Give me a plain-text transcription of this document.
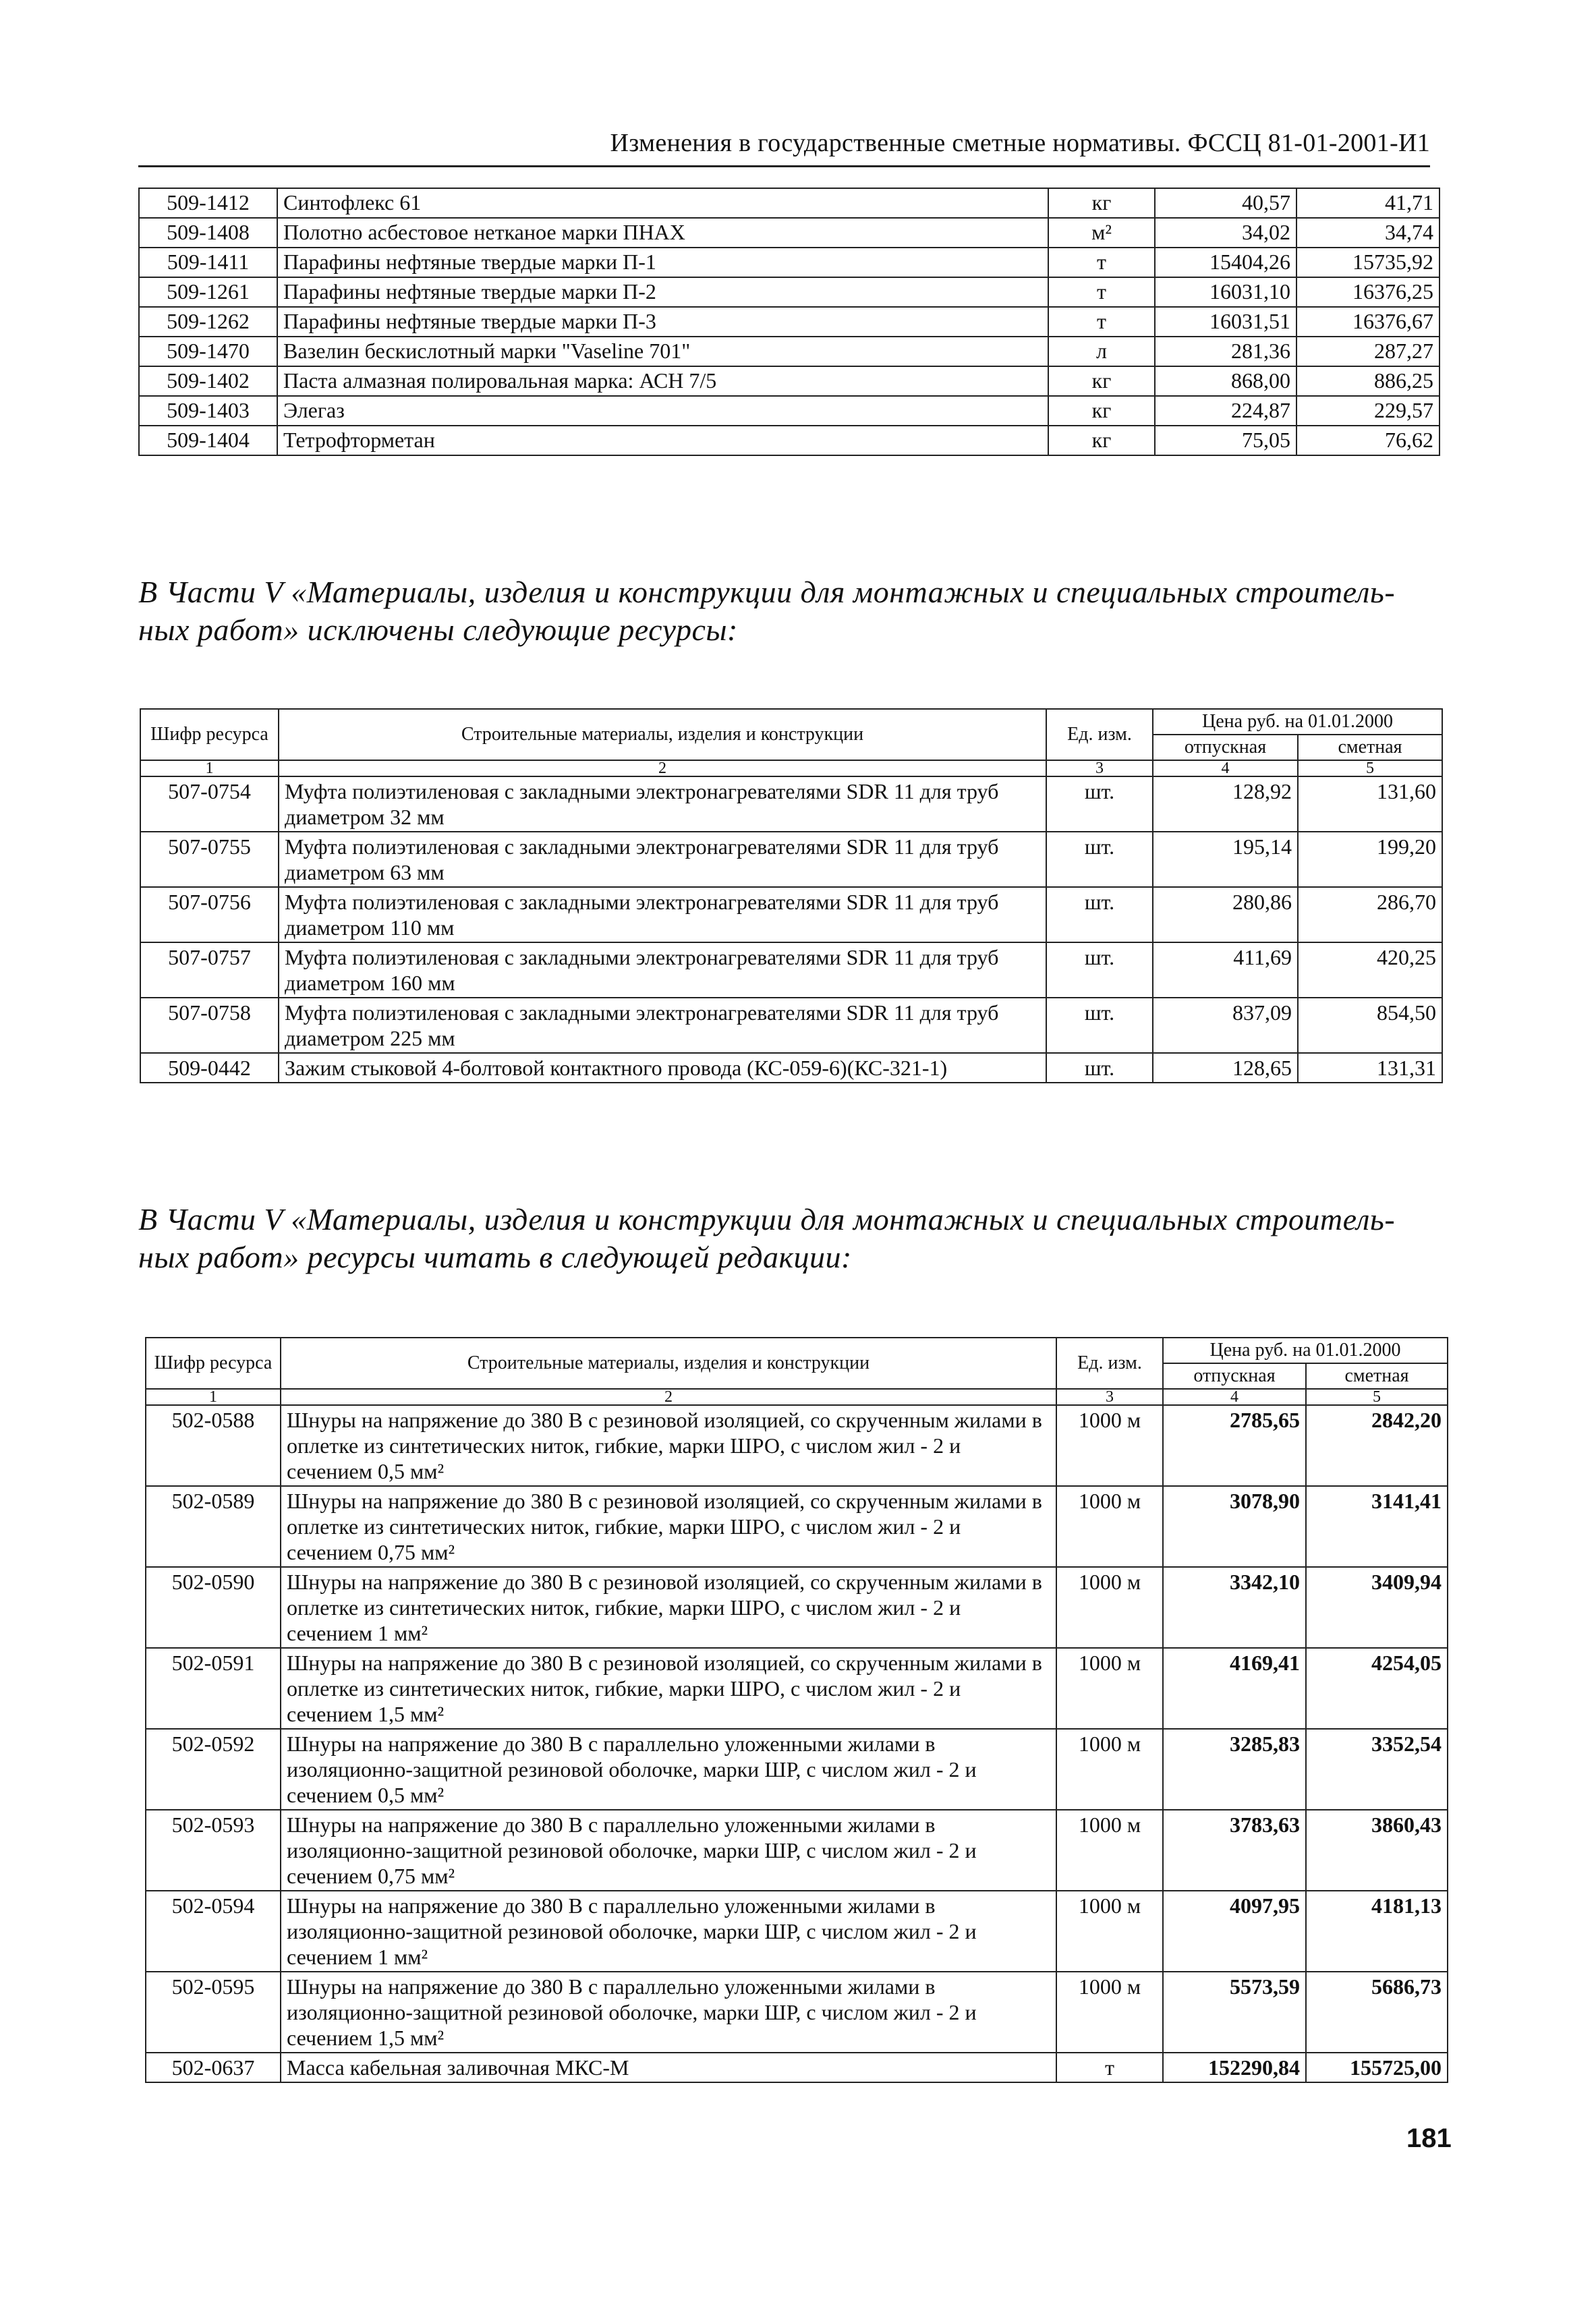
Изменения в государственные сметные нормативы. ФССЦ 81-01-2001-И1
509-1412	Синтофлекс 61	кг	40,57	41,71
509-1408	Полотно асбестовое нетканое марки ПНАХ	м²	34,02	34,74
509-1411	Парафины нефтяные твердые марки П-1	т	15404,26	15735,92
509-1261	Парафины нефтяные твердые марки П-2	т	16031,10	16376,25
509-1262	Парафины нефтяные твердые марки П-3	т	16031,51	16376,67
509-1470	Вазелин бескислотный марки "Vaseline 701"	л	281,36	287,27
509-1402	Паста алмазная полировальная марка: АСН 7/5	кг	868,00	886,25
509-1403	Элегаз	кг	224,87	229,57
509-1404	Тетрофторметан	кг	75,05	76,62
В Части V «Материалы, изделия и конструкции для монтажных и специальных строитель-ных работ» исключены следующие ресурсы:
Шифр ресурса	Строительные материалы, изделия и конструкции	Ед. изм.	Цена руб. на 01.01.2000	
			отпускная	сметная
1	2	3	4	5
507-0754	Муфта полиэтиленовая с закладными электронагревателями SDR 11 для труб диаметром 32 мм	шт.	128,92	131,60
507-0755	Муфта полиэтиленовая с закладными электронагревателями SDR 11 для труб диаметром 63 мм	шт.	195,14	199,20
507-0756	Муфта полиэтиленовая с закладными электронагревателями SDR 11 для труб диаметром 110 мм	шт.	280,86	286,70
507-0757	Муфта полиэтиленовая с закладными электронагревателями SDR 11 для труб диаметром 160 мм	шт.	411,69	420,25
507-0758	Муфта полиэтиленовая с закладными электронагревателями SDR 11 для труб диаметром 225 мм	шт.	837,09	854,50
509-0442	Зажим стыковой 4-болтовой контактного провода (КС-059-6)(КС-321-1)	шт.	128,65	131,31
В Части V «Материалы, изделия и конструкции для монтажных и специальных строитель-ных работ» ресурсы читать в следующей редакции:
Шифр ресурса	Строительные материалы, изделия и конструкции	Ед. изм.	Цена руб. на 01.01.2000	
			отпускная	сметная
1	2	3	4	5
502-0588	Шнуры на напряжение до 380 В с резиновой изоляцией, со скрученным жилами в оплетке из синтетических ниток, гибкие, марки ШРО, с числом жил - 2 и сечением 0,5 мм²	1000 м	2785,65	2842,20
502-0589	Шнуры на напряжение до 380 В с резиновой изоляцией, со скрученным жилами в оплетке из синтетических ниток, гибкие, марки ШРО, с числом жил - 2 и сечением 0,75 мм²	1000 м	3078,90	3141,41
502-0590	Шнуры на напряжение до 380 В с резиновой изоляцией, со скрученным жилами в оплетке из синтетических ниток, гибкие, марки ШРО, с числом жил - 2 и сечением 1 мм²	1000 м	3342,10	3409,94
502-0591	Шнуры на напряжение до 380 В с резиновой изоляцией, со скрученным жилами в оплетке из синтетических ниток, гибкие, марки ШРО, с числом жил - 2 и сечением 1,5 мм²	1000 м	4169,41	4254,05
502-0592	Шнуры на напряжение до 380 В с параллельно уложенными жилами в изоляционно-защитной резиновой оболочке, марки ШР, с числом жил - 2 и сечением 0,5 мм²	1000 м	3285,83	3352,54
502-0593	Шнуры на напряжение до 380 В с параллельно уложенными жилами в изоляционно-защитной резиновой оболочке, марки ШР, с числом жил - 2 и сечением 0,75 мм²	1000 м	3783,63	3860,43
502-0594	Шнуры на напряжение до 380 В с параллельно уложенными жилами в изоляционно-защитной резиновой оболочке, марки ШР, с числом жил - 2 и сечением 1 мм²	1000 м	4097,95	4181,13
502-0595	Шнуры на напряжение до 380 В с параллельно уложенными жилами в изоляционно-защитной резиновой оболочке, марки ШР, с числом жил - 2 и сечением 1,5 мм²	1000 м	5573,59	5686,73
502-0637	Масса кабельная заливочная МКС-М	т	152290,84	155725,00
181
